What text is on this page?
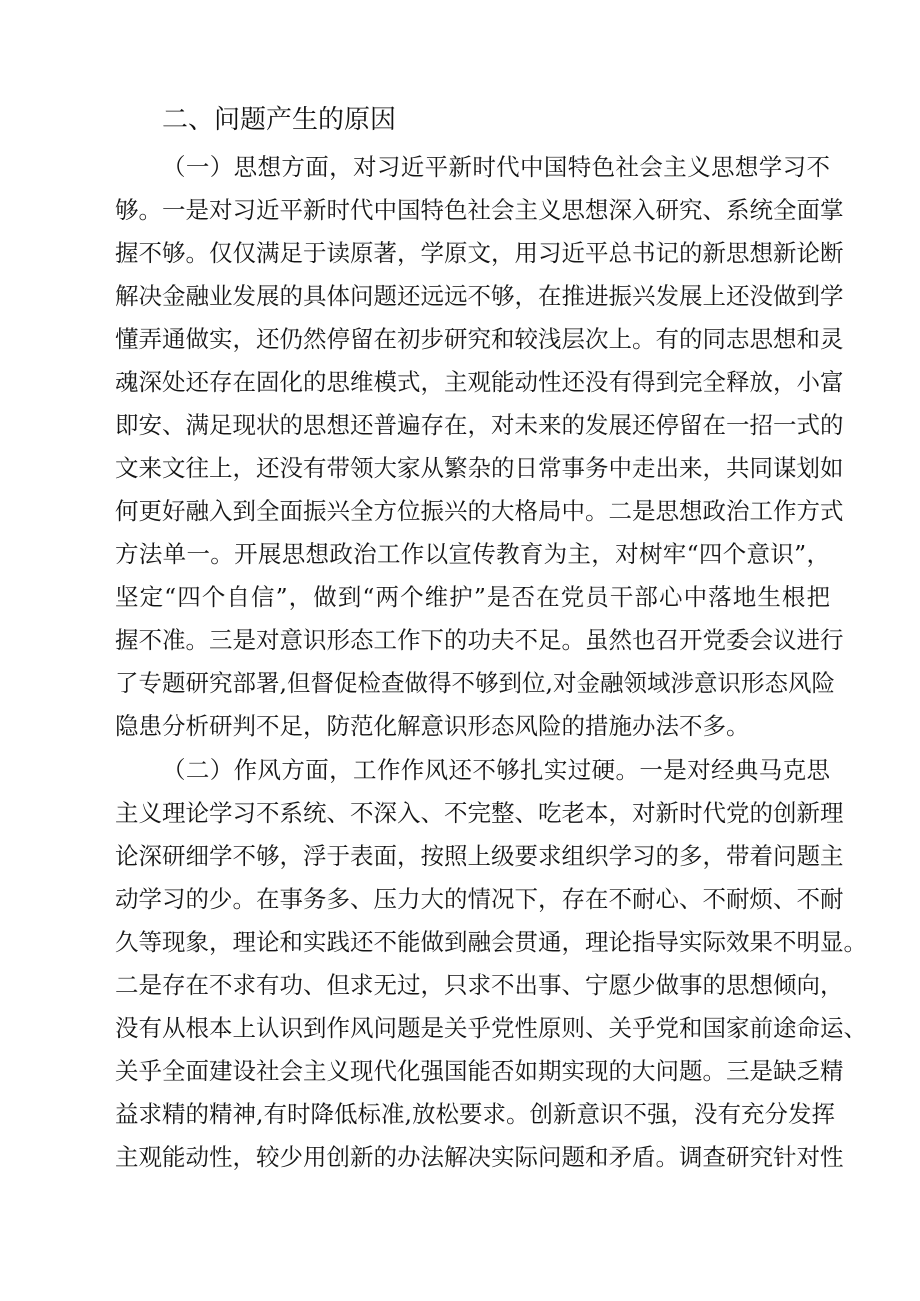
二、问题产生的原因

（一）思想方面，对习近平新时代中国特色社会主义思想学习不

够。一是对习近平新时代中国特色社会主义思想深入研究、系统全面掌

握不够。仅仅满足于读原著，学原文，用习近平总书记的新思想新论断

解决金融业发展的具体问题还远远不够，在推进振兴发展上还没做到学

懂弄通做实，还仍然停留在初步研究和较浅层次上。有的同志思想和灵

魂深处还存在固化的思维模式，主观能动性还没有得到完全释放，小富

即安、满足现状的思想还普遍存在，对未来的发展还停留在一招一式的

文来文往上，还没有带领大家从繁杂的日常事务中走出来，共同谋划如

何更好融入到全面振兴全方位振兴的大格局中。二是思想政治工作方式

方法单一。开展思想政治工作以宣传教育为主，对树牢“四个意识”，

坚定“四个自信”，做到“两个维护”是否在党员干部心中落地生根把

握不准。三是对意识形态工作下的功夫不足。虽然也召开党委会议进行

了专题研究部署,但督促检查做得不够到位,对金融领域涉意识形态风险

隐患分析研判不足，防范化解意识形态风险的措施办法不多。

（二）作风方面，工作作风还不够扎实过硬。一是对经典马克思

主义理论学习不系统、不深入、不完整、吃老本，对新时代党的创新理

论深研细学不够，浮于表面，按照上级要求组织学习的多，带着问题主

动学习的少。在事务多、压力大的情况下，存在不耐心、不耐烦、不耐

久等现象，理论和实践还不能做到融会贯通，理论指导实际效果不明显。

二是存在不求有功、但求无过，只求不出事、宁愿少做事的思想倾向，

没有从根本上认识到作风问题是关乎党性原则、关乎党和国家前途命运、

关乎全面建设社会主义现代化强国能否如期实现的大问题。三是缺乏精

益求精的精神,有时降低标准,放松要求。创新意识不强，没有充分发挥

主观能动性，较少用创新的办法解决实际问题和矛盾。调查研究针对性
